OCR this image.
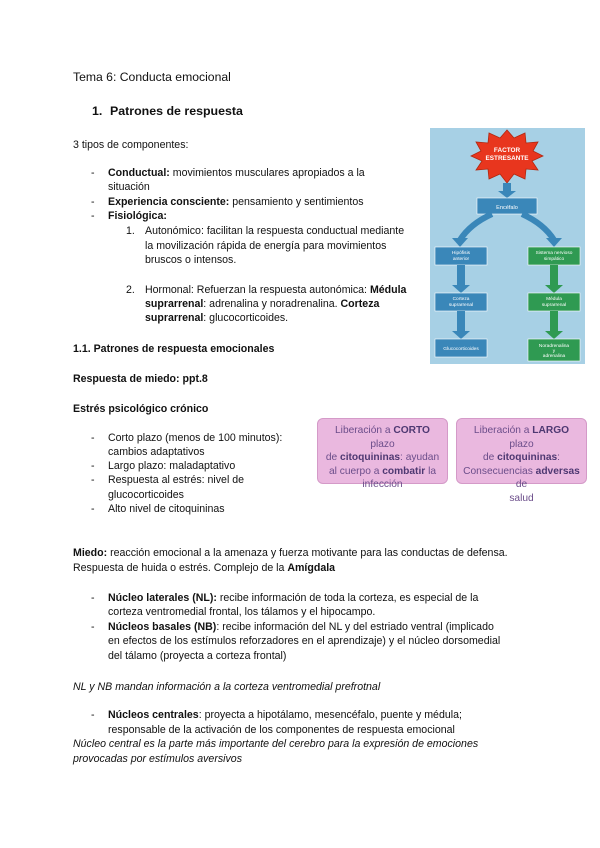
Tema 6: Conducta emocional
1. Patrones de respuesta
3 tipos de componentes:
- Conductual: movimientos musculares apropiados a la
situación
- Experiencia consciente: pensamiento y sentimientos
- Fisiológica:
1. Autonómico: facilitan la respuesta conductual mediante
la movilización rápida de energía para movimientos
bruscos o intensos.
2. Hormonal: Refuerzan la respuesta autonómica: Médula
suprarrenal: adrenalina y noradrenalina. Corteza
suprarrenal: glucocorticoides.
FACTOR
ESTRESANTE
Encéfalo
Hipófisis
anterior
Corteza
suprarrenal
Glucocorticoides
Sistema nervioso
simpático
Médula
suprarrenal
Noradrenalina
y
adrenalina
1.1. Patrones de respuesta emocionales
Respuesta de miedo: ppt.8
Estrés psicológico crónico
- Corto plazo (menos de 100 minutos):
cambios adaptativos
- Largo plazo: maladaptativo
- Respuesta al estrés: nivel de
glucocorticoides
- Alto nivel de citoquininas
Liberación a CORTO plazo
de citoquininas: ayudan
al cuerpo a combatir la
infección
Liberación a LARGO plazo
de citoquininas:
Consecuencias adversas de
salud
Miedo: reacción emocional a la amenaza y fuerza motivante para las conductas de defensa.
Respuesta de huida o estrés. Complejo de la Amígdala
- Núcleo laterales (NL): recibe información de toda la corteza, es especial de la
corteza ventromedial frontal, los tálamos y el hipocampo.
- Núcleos basales (NB): recibe información del NL y del estriado ventral (implicado
en efectos de los estímulos reforzadores en el aprendizaje) y el núcleo dorsomedial
del tálamo (proyecta a corteza frontal)
NL y NB mandan información a la corteza ventromedial prefrotnal
- Núcleos centrales: proyecta a hipotálamo, mesencéfalo, puente y médula;
responsable de la activación de los componentes de respuesta emocional
Núcleo central es la parte más importante del cerebro para la expresión de emociones
provocadas por estímulos aversivos
